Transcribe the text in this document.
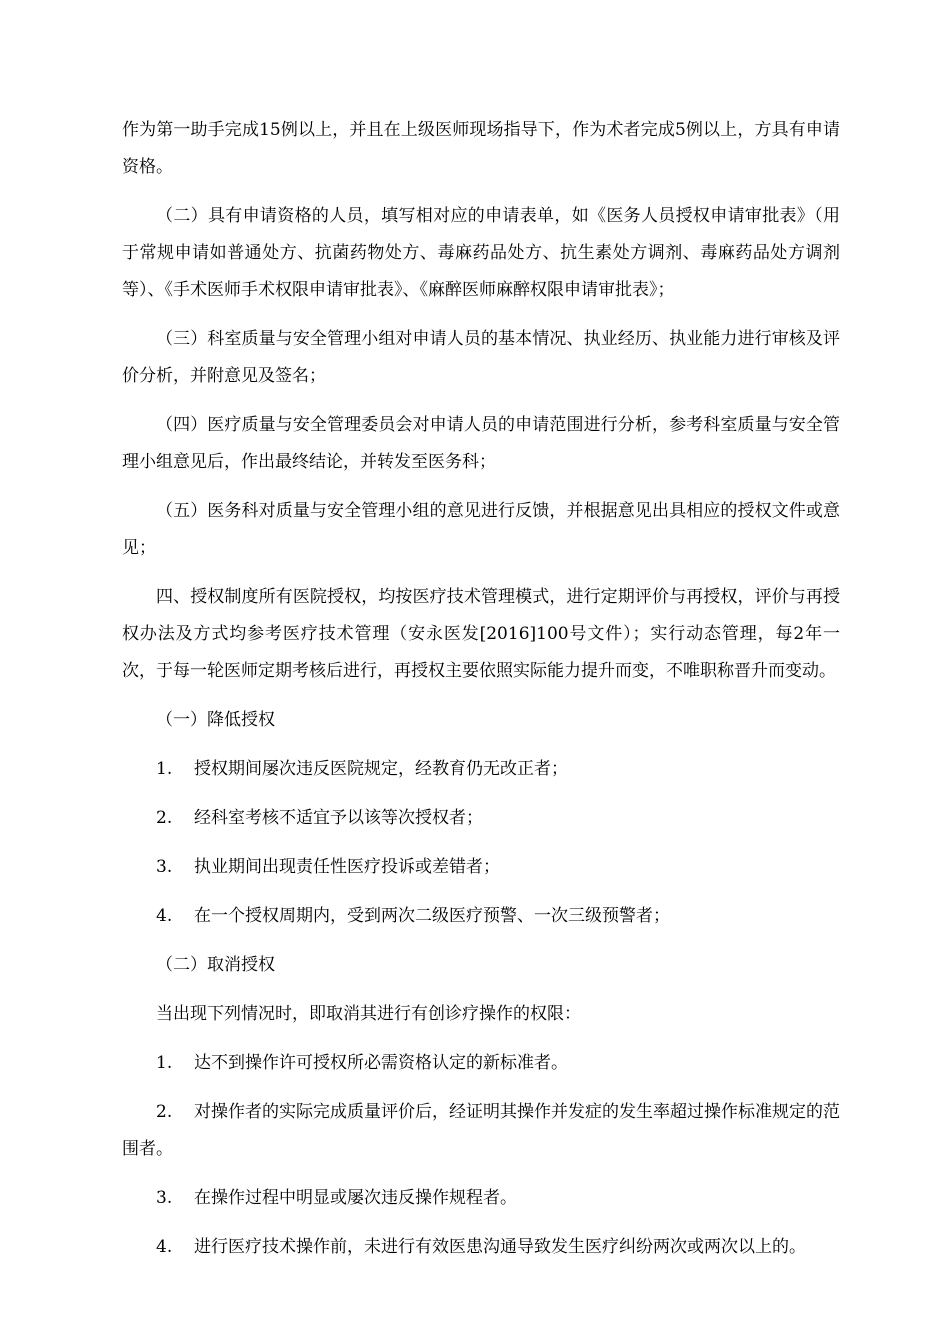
作为第一助手完成15例以上，并且在上级医师现场指导下，作为术者完成5例以上，方具有申请资格。

（二）具有申请资格的人员，填写相对应的申请表单，如《医务人员授权申请审批表》（用于常规申请如普通处方、抗菌药物处方、毒麻药品处方、抗生素处方调剂、毒麻药品处方调剂等）、《手术医师手术权限申请审批表》、《麻醉医师麻醉权限申请审批表》；

（三）科室质量与安全管理小组对申请人员的基本情况、执业经历、执业能力进行审核及评价分析，并附意见及签名；

（四）医疗质量与安全管理委员会对申请人员的申请范围进行分析，参考科室质量与安全管理小组意见后，作出最终结论，并转发至医务科；

（五）医务科对质量与安全管理小组的意见进行反馈，并根据意见出具相应的授权文件或意见；

四、授权制度所有医院授权，均按医疗技术管理模式，进行定期评价与再授权，评价与再授权办法及方式均参考医疗技术管理（安永医发[2016]100号文件）；实行动态管理，每2年一次，于每一轮医师定期考核后进行，再授权主要依照实际能力提升而变，不唯职称晋升而变动。

（一）降低授权

1. 授权期间屡次违反医院规定，经教育仍无改正者；

2. 经科室考核不适宜予以该等次授权者；

3. 执业期间出现责任性医疗投诉或差错者；

4. 在一个授权周期内，受到两次二级医疗预警、一次三级预警者；

（二）取消授权

当出现下列情况时，即取消其进行有创诊疗操作的权限：

1. 达不到操作许可授权所必需资格认定的新标准者。

2. 对操作者的实际完成质量评价后，经证明其操作并发症的发生率超过操作标准规定的范围者。

3. 在操作过程中明显或屡次违反操作规程者。

4. 进行医疗技术操作前，未进行有效医患沟通导致发生医疗纠纷两次或两次以上的。
